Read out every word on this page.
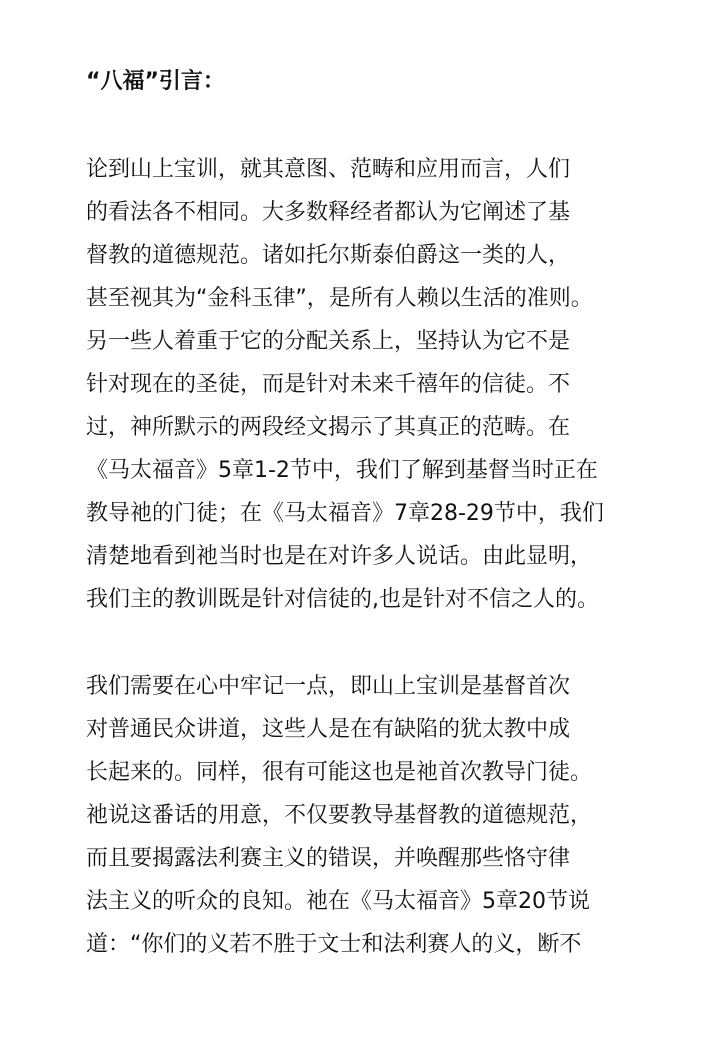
“八福”引言：
论到山上宝训，就其意图、范畴和应用而言，人们
的看法各不相同。大多数释经者都认为它阐述了基
督教的道德规范。诸如托尔斯泰伯爵这一类的人，
甚至视其为“金科玉律”，是所有人赖以生活的准则。
另一些人着重于它的分配关系上，坚持认为它不是
针对现在的圣徒，而是针对未来千禧年的信徒。不
过，神所默示的两段经文揭示了其真正的范畴。在
《马太福音》5章1-2节中，我们了解到基督当时正在
教导祂的门徒；在《马太福音》7章28-29节中，我们
清楚地看到祂当时也是在对许多人说话。由此显明，
我们主的教训既是针对信徒的,也是针对不信之人的。
我们需要在心中牢记一点，即山上宝训是基督首次
对普通民众讲道，这些人是在有缺陷的犹太教中成
长起来的。同样，很有可能这也是祂首次教导门徒。
祂说这番话的用意，不仅要教导基督教的道德规范，
而且要揭露法利赛主义的错误，并唤醒那些恪守律
法主义的听众的良知。祂在《马太福音》5章20节说
道：“你们的义若不胜于文士和法利赛人的义，断不
